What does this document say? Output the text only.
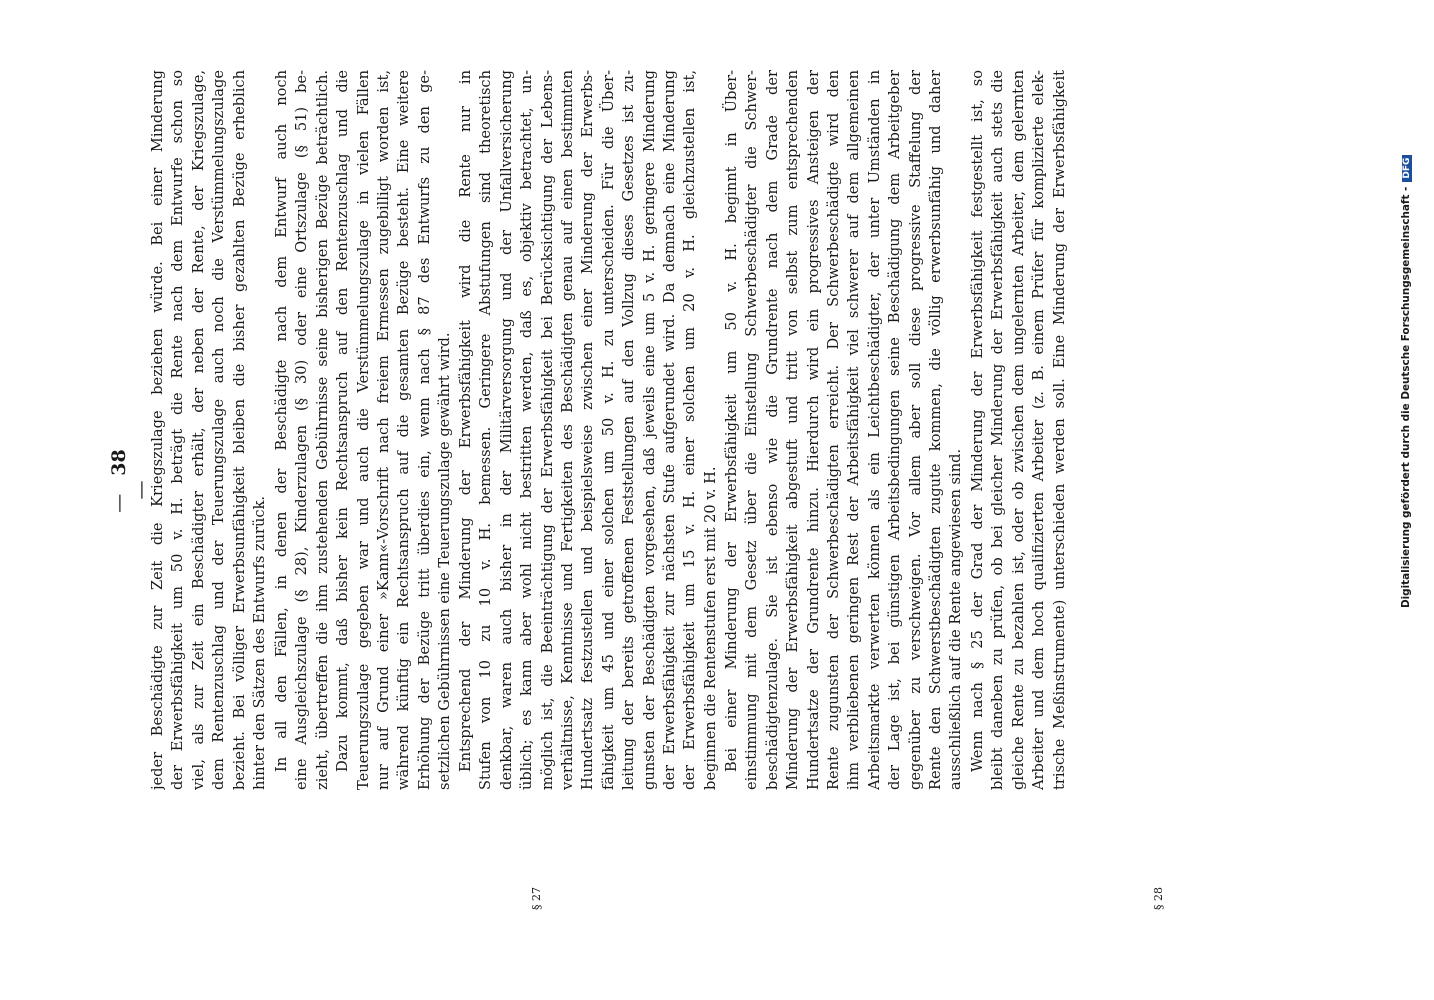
—38—
§ 27	§ 28
jeder Beschädigte zur Zeit die Kriegszulage beziehen würde. Bei einer Minderung der Erwerbsfähigkeit um 50 v. H. beträgt die Rente nach dem Entwurfe schon so viel, als zur Zeit ein Beschädigter erhält, der neben der Rente, der Kriegszulage, dem Rentenzuschlag und der Teuerungszulage auch noch die Verstümmelungszulage bezieht. Bei völliger Erwerbsunfähigkeit bleiben die bisher gezahlten Bezüge erheblich hinter den Sätzen des Entwurfs zurück. In all den Fällen, in denen der Beschädigte nach dem Entwurf auch noch eine Ausgleichszulage (§ 28), Kinderzulagen (§ 30) oder eine Ortszulage (§ 51) be- zieht, übertreffen die ihm zustehenden Gebührnisse seine bisherigen Bezüge beträchtlich. Dazu kommt, daß bisher kein Rechtsanspruch auf den Rentenzuschlag und die Teuerungszulage gegeben war und auch die Verstümmelungszulage in vielen Fällen nur auf Grund einer »Kann«-Vorschrift nach freiem Ermessen zugebilligt worden ist, während künftig ein Rechtsanspruch auf die gesamten Bezüge besteht. Eine weitere Erhöhung der Bezüge tritt überdies ein, wenn nach § 87 des Entwurfs zu den ge- setzlichen Gebührnissen eine Teuerungszulage gewährt wird. Entsprechend der Minderung der Erwerbsfähigkeit wird die Rente nur in Stufen von 10 zu 10 v. H. bemessen. Geringere Abstufungen sind theoretisch denkbar, waren auch bisher in der Militärversorgung und der Unfallversicherung üblich; es kann aber wohl nicht bestritten werden, daß es, objektiv betrachtet, un- möglich ist, die Beeinträchtigung der Erwerbsfähigkeit bei Berücksichtigung der Lebens- verhältnisse, Kenntnisse und Fertigkeiten des Beschädigten genau auf einen bestimmten Hundertsatz festzustellen und beispielsweise zwischen einer Minderung der Erwerbs- fähigkeit um 45 und einer solchen um 50 v. H. zu unterscheiden. Für die Über- leitung der bereits getroffenen Feststellungen auf den Vollzug dieses Gesetzes ist zu- gunsten der Beschädigten vorgesehen, daß jeweils eine um 5 v. H. geringere Minderung der Erwerbsfähigkeit zur nächsten Stufe aufgerundet wird. Da demnach eine Minderung der Erwerbsfähigkeit um 15 v. H. einer solchen um 20 v. H. gleichzustellen ist, beginnen die Rentenstufen erst mit 20 v. H. Bei einer Minderung der Erwerbsfähigkeit um 50 v. H. beginnt in Über- einstimmung mit dem Gesetz über die Einstellung Schwerbeschädigter die Schwer- beschädigtenzulage. Sie ist ebenso wie die Grundrente nach dem Grade der Minderung der Erwerbsfähigkeit abgestuft und tritt von selbst zum entsprechenden Hundertsatze der Grundrente hinzu. Hierdurch wird ein progressives Ansteigen der Rente zugunsten der Schwerbeschädigten erreicht. Der Schwerbeschädigte wird den ihm verbliebenen geringen Rest der Arbeitsfähigkeit viel schwerer auf dem allgemeinen Arbeitsmarkte verwerten können als ein Leichtbeschädigter, der unter Umständen in der Lage ist, bei günstigen Arbeitsbedingungen seine Beschädigung dem Arbeitgeber gegenüber zu verschweigen. Vor allem aber soll diese progressive Staffelung der Rente den Schwerstbeschädigten zugute kommen, die völlig erwerbsunfähig und daher ausschließlich auf die Rente angewiesen sind. Wenn nach § 25 der Grad der Minderung der Erwerbsfähigkeit festgestellt ist, so bleibt daneben zu prüfen, ob bei gleicher Minderung der Erwerbsfähigkeit auch stets die gleiche Rente zu bezahlen ist, oder ob zwischen dem ungelernten Arbeiter, dem gelernten Arbeiter und dem hoch qualifizierten Arbeiter (z. B. einem Prüfer für komplizierte elek- trische Meßinstrumente) unterschieden werden soll. Eine Minderung der Erwerbsfähigkeit	Digitalisierung gefördert durch die Deutsche Forschungsgemeinschaft -DFG
